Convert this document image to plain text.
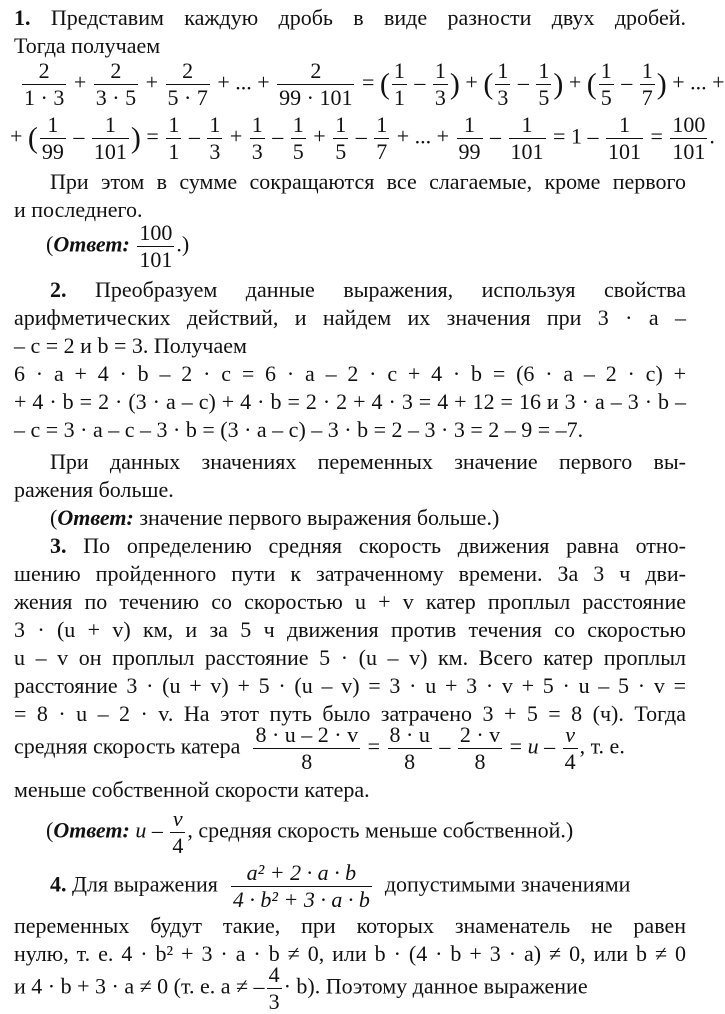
1. Представим каждую дробь в виде разности двух дробей.
Тогда получаем
$\frac{2}{1 \cdot 3} + \frac{2}{3 \cdot 5} + \frac{2}{5 \cdot 7}$ + ... + $\frac{2}{99 \cdot 101}$ = ( $\frac{1}{1} - \frac{1}{3}$ ) + ( $\frac{1}{3} - \frac{1}{5}$ ) + ( $\frac{1}{5} - \frac{1}{7}$ ) + ... +
+ ( $\frac{1}{99} - \frac{1}{101}$ ) = $\frac{1}{1} - \frac{1}{3} + \frac{1}{3} - \frac{1}{5} + \frac{1}{5} - \frac{1}{7}$ + ... + $\frac{1}{99} - \frac{1}{101} = 1 - \frac{1}{101} = \frac{100}{101}$ .
При этом в сумме сокращаются все слагаемые, кроме первого
и последнего.
(Ответ: $\frac{100}{101}$ .)
2. Преобразуем данные выражения, используя свойства
арифметических действий, и найдем их значения при 3 · a –
– c = 2 и b = 3. Получаем
6 · a + 4 · b – 2 · c = 6 · a – 2 · c + 4 · b = (6 · a – 2 · c) +
+ 4 · b = 2 · (3 · a – c) + 4 · b = 2 · 2 + 4 · 3 = 4 + 12 = 16 и 3 · a – 3 · b –
– c = 3 · a – c – 3 · b = (3 · a – c) – 3 · b = 2 – 3 · 3 = 2 – 9 = –7.
При данных значениях переменных значение первого вы-
ражения больше.
(Ответ: значение первого выражения больше.)
3. По определению средняя скорость движения равна отно-
шению пройденного пути к затраченному времени. За 3 ч дви-
жения по течению со скоростью u + v катер проплыл расстояние
3 · (u + v) км, и за 5 ч движения против течения со скоростью
u – v он проплыл расстояние 5 · (u – v) км. Всего катер проплыл
расстояние 3 · (u + v) + 5 · (u – v) = 3 · u + 3 · v + 5 · u – 5 · v =
= 8 · u – 2 · v. На этот путь было затрачено 3 + 5 = 8 (ч). Тогда
средняя скорость катера $\frac{8 \cdot u - 2 \cdot v}{8} = \frac{8 \cdot u}{8} - \frac{2 \cdot v}{8} = u - \frac{v}{4}$ , т. е.
меньше собственной скорости катера.
(Ответ: u – $\frac{v}{4}$ , средняя скорость меньше собственной.)
4. Для выражения $\frac{\text{a² + 2 · a · b}}{\text{4 · b² + 3 · a · b}}$ допустимыми значениями
переменных будут такие, при которых знаменатель не равен
нулю, т. е. 4 · b² + 3 · a · b ≠ 0, или b · (4 · b + 3 · a) ≠ 0, или b ≠ 0
и 4 · b + 3 · a ≠ 0 (т. е. a ≠ – $\frac{4}{3} \cdot b$). Поэтому данное выражение
